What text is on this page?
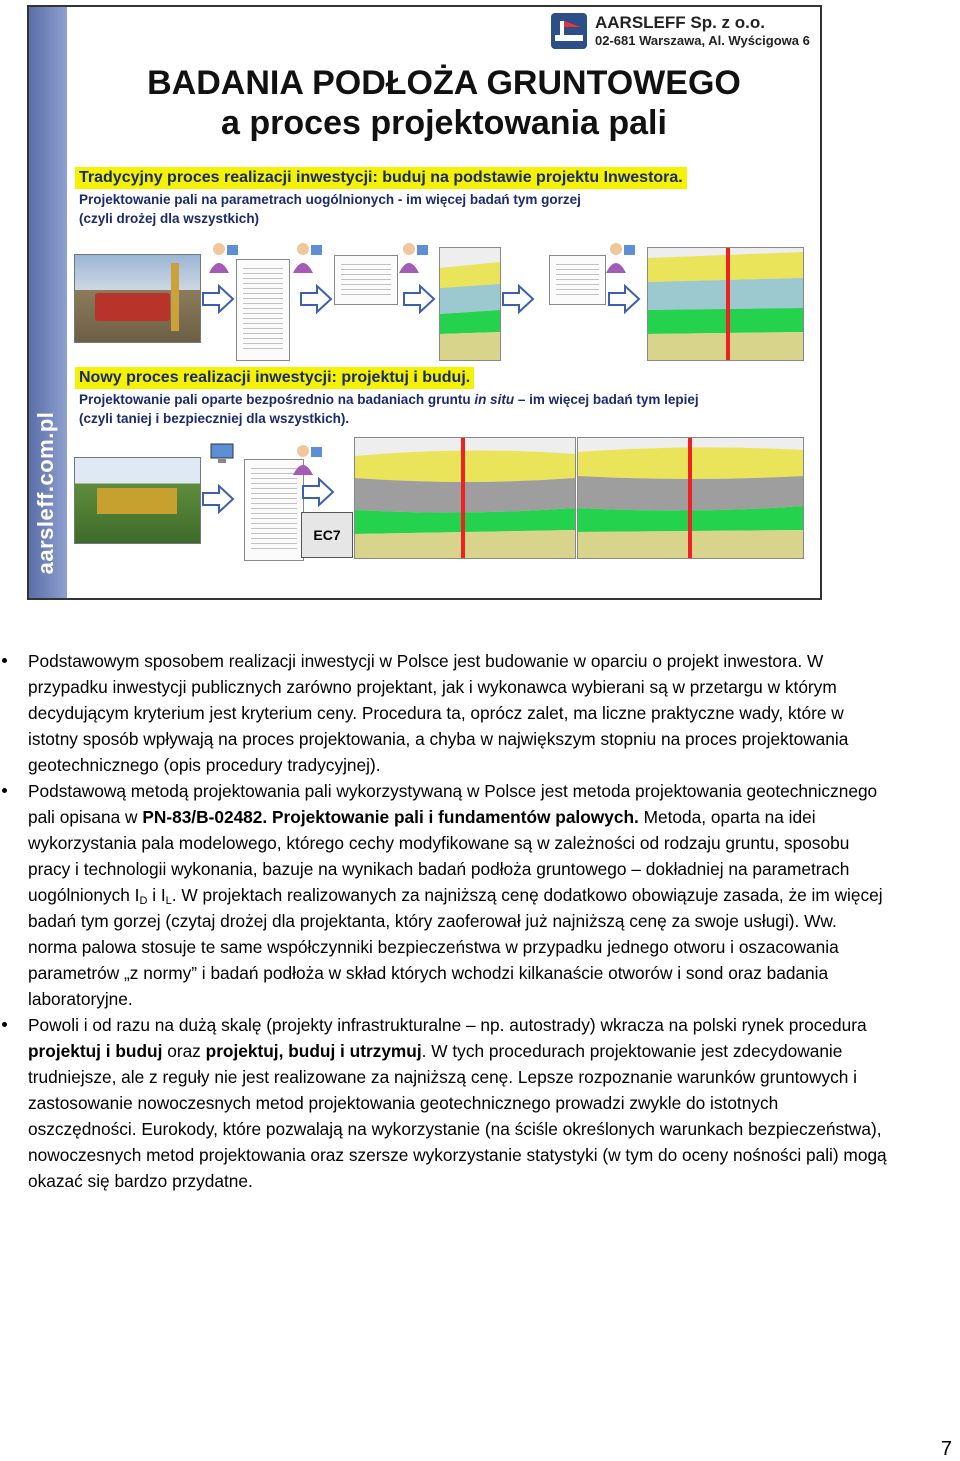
aarsleff.com.pl
AARSLEFF Sp. z o.o.
02-681 Warszawa, Al. Wyścigowa 6
BADANIA PODŁOŻA GRUNTOWEGO
a proces projektowania pali
Tradycyjny proces realizacji inwestycji: buduj na podstawie projektu Inwestora.
Projektowanie pali na parametrach uogólnionych - im więcej badań tym gorzej
(czyli drożej dla wszystkich)
Nowy proces realizacji inwestycji: projektuj i buduj.
Projektowanie pali oparte bezpośrednio na badaniach gruntu in situ – im więcej badań tym lepiej
(czyli taniej i bezpieczniej dla wszystkich).
EC7
Podstawowym sposobem realizacji inwestycji w Polsce jest budowanie w oparciu o projekt inwestora. W przypadku inwestycji publicznych zarówno projektant, jak i wykonawca wybierani są w przetargu w którym decydującym kryterium jest kryterium ceny. Procedura ta, oprócz zalet, ma liczne praktyczne wady, które w istotny sposób wpływają na proces projektowania, a chyba w największym stopniu na proces projektowania geotechnicznego (opis procedury tradycyjnej).
Podstawową metodą projektowania pali wykorzystywaną w Polsce jest metoda projektowania geotechnicznego pali opisana w PN-83/B-02482. Projektowanie pali i fundamentów palowych. Metoda, oparta na idei wykorzystania pala modelowego, którego cechy modyfikowane są w zależności od rodzaju gruntu, sposobu pracy i technologii wykonania, bazuje na wynikach badań podłoża gruntowego – dokładniej na parametrach uogólnionych $I_D$ i $I_L$. W projektach realizowanych za najniższą cenę dodatkowo obowiązuje zasada, że im więcej badań tym gorzej (czytaj drożej dla projektanta, który zaoferował już najniższą cenę za swoje usługi). Ww. norma palowa stosuje te same współczynniki bezpieczeństwa w przypadku jednego otworu i oszacowania parametrów „z normy” i badań podłoża w skład których wchodzi kilkanaście otworów i sond oraz badania laboratoryjne.
Powoli i od razu na dużą skalę (projekty infrastrukturalne – np. autostrady) wkracza na polski rynek procedura projektuj i buduj oraz projektuj, buduj i utrzymuj. W tych procedurach projektowanie jest zdecydowanie trudniejsze, ale z reguły nie jest realizowane za najniższą cenę. Lepsze rozpoznanie warunków gruntowych i zastosowanie nowoczesnych metod projektowania geotechnicznego prowadzi zwykle do istotnych oszczędności. Eurokody, które pozwalają na wykorzystanie (na ściśle określonych warunkach bezpieczeństwa), nowoczesnych metod projektowania oraz szersze wykorzystanie statystyki (w tym do oceny nośności pali) mogą okazać się bardzo przydatne.
7
